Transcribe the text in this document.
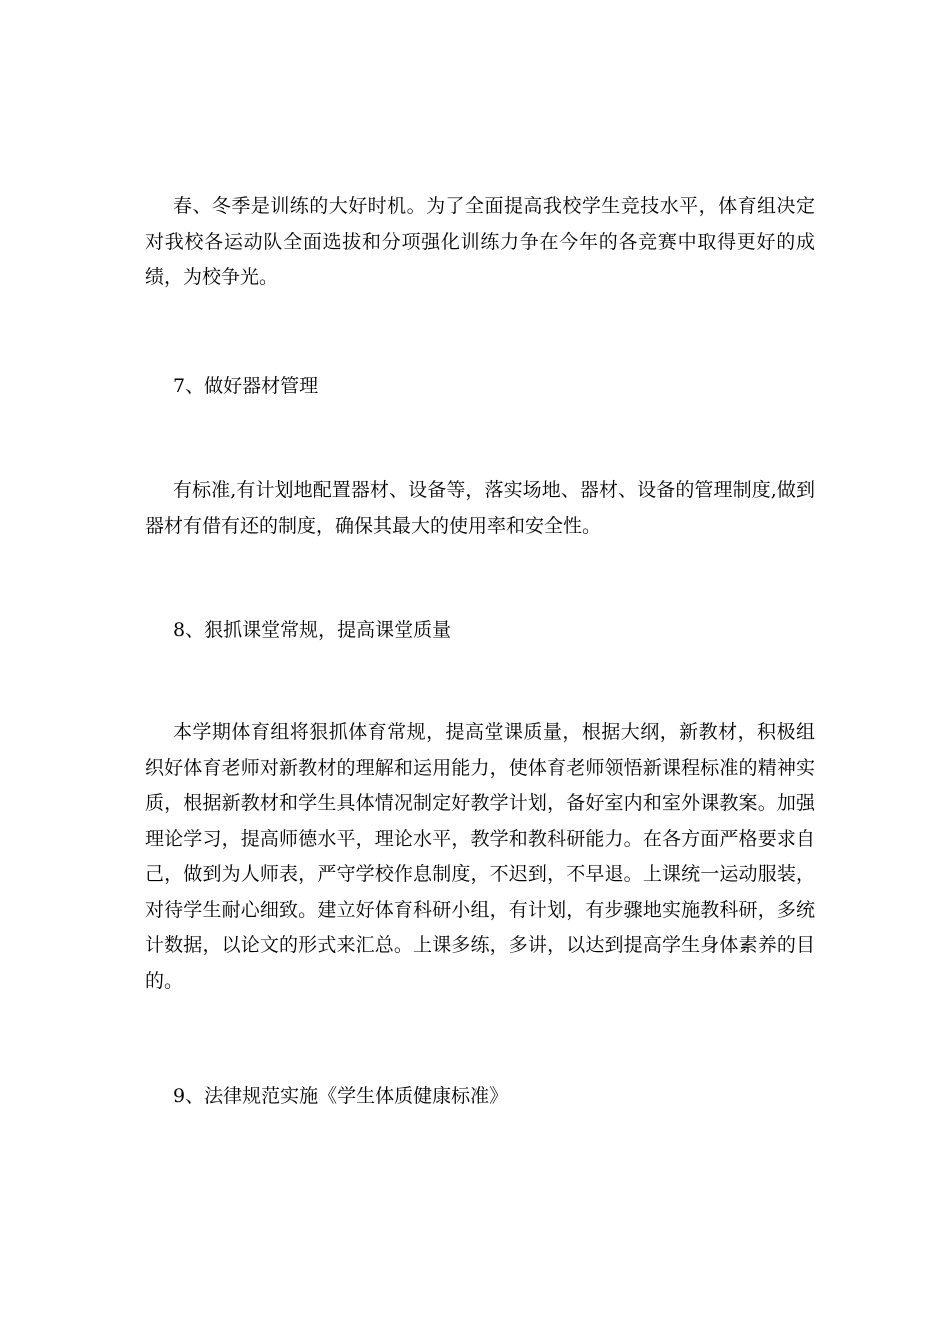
春、冬季是训练的大好时机。为了全面提高我校学生竞技水平，体育组决定对我校各运动队全面选拔和分项强化训练力争在今年的各竞赛中取得更好的成绩，为校争光。

7、做好器材管理

有标准,有计划地配置器材、设备等，落实场地、器材、设备的管理制度,做到器材有借有还的制度，确保其最大的使用率和安全性。

8、狠抓课堂常规，提高课堂质量

本学期体育组将狠抓体育常规，提高堂课质量，根据大纲，新教材，积极组织好体育老师对新教材的理解和运用能力，使体育老师领悟新课程标准的精神实质，根据新教材和学生具体情况制定好教学计划，备好室内和室外课教案。加强理论学习，提高师德水平，理论水平，教学和教科研能力。在各方面严格要求自己，做到为人师表，严守学校作息制度，不迟到，不早退。上课统一运动服装，对待学生耐心细致。建立好体育科研小组，有计划，有步骤地实施教科研，多统计数据，以论文的形式来汇总。上课多练，多讲，以达到提高学生身体素养的目的。

9、法律规范实施《学生体质健康标准》
